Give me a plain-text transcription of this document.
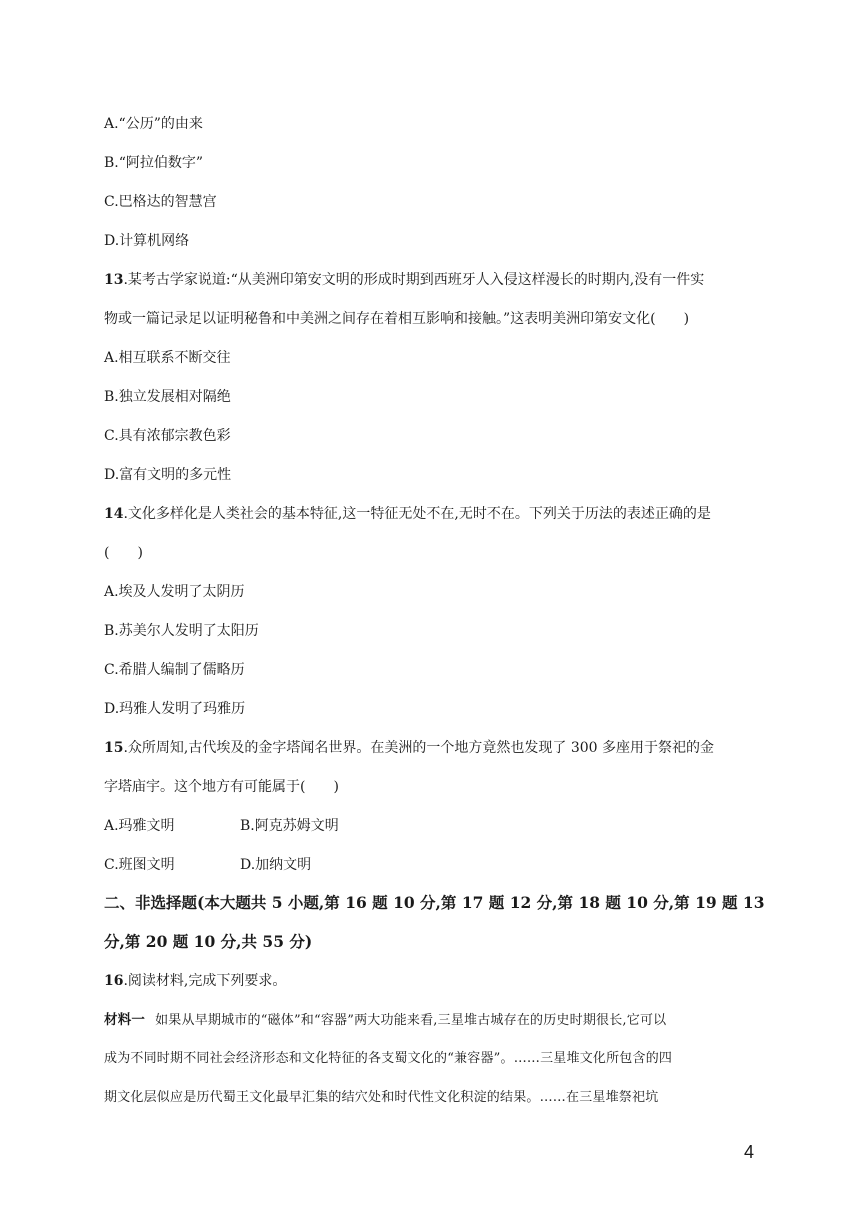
A.“公历”的由来
B.“阿拉伯数字”
C.巴格达的智慧宫
D.计算机网络
13.某考古学家说道:“从美洲印第安文明的形成时期到西班牙人入侵这样漫长的时期内,没有一件实
物或一篇记录足以证明秘鲁和中美洲之间存在着相互影响和接触。”这表明美洲印第安文化(　　)
A.相互联系不断交往
B.独立发展相对隔绝
C.具有浓郁宗教色彩
D.富有文明的多元性
14.文化多样化是人类社会的基本特征,这一特征无处不在,无时不在。下列关于历法的表述正确的是
(　　)
A.埃及人发明了太阴历
B.苏美尔人发明了太阳历
C.希腊人编制了儒略历
D.玛雅人发明了玛雅历
15.众所周知,古代埃及的金字塔闻名世界。在美洲的一个地方竟然也发现了 300 多座用于祭祀的金
字塔庙宇。这个地方有可能属于(　　)
A.玛雅文明	B.阿克苏姆文明
C.班图文明	D.加纳文明
二、非选择题(本大题共 5 小题,第 16 题 10 分,第 17 题 12 分,第 18 题 10 分,第 19 题 13
分,第 20 题 10 分,共 55 分)
16.阅读材料,完成下列要求。
材料一 如果从早期城市的“磁体”和“容器”两大功能来看,三星堆古城存在的历史时期很长,它可以
成为不同时期不同社会经济形态和文化特征的各支蜀文化的“兼容器”。……三星堆文化所包含的四
期文化层似应是历代蜀王文化最早汇集的结穴处和时代性文化积淀的结果。……在三星堆祭祀坑
4
